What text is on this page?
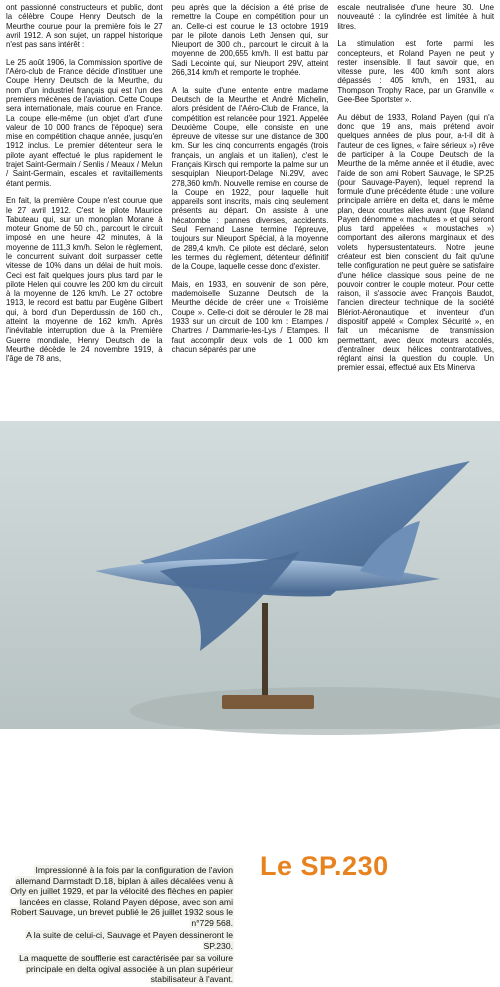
ont passionné constructeurs et public, dont la célèbre Coupe Henry Deutsch de la Meurthe courue pour la première fois le 27 avril 1912. A son sujet, un rappel historique n'est pas sans intérêt :

Le 25 août 1906, la Commission sportive de l'Aéro-club de France décide d'instituer une Coupe Henry Deutsch de la Meurthe, du nom d'un industriel français qui est l'un des premiers mécènes de l'aviation. Cette Coupe sera internationale, mais courue en France. La coupe elle-même (un objet d'art d'une valeur de 10 000 francs de l'époque) sera mise en compétition chaque année, jusqu'en 1912 inclus. Le premier détenteur sera le pilote ayant effectué le plus rapidement le trajet Saint-Germain / Senlis / Meaux / Melun / Saint-Germain, escales et ravitaillements étant permis.

En fait, la première Coupe n'est courue que le 27 avril 1912. C'est le pilote Maurice Tabuteau qui, sur un monoplan Morane à moteur Gnome de 50 ch., parcourt le circuit imposé en une heure 42 minutes, à la moyenne de 111,3 km/h. Selon le règlement, le concurrent suivant doit surpasser cette vitesse de 10% dans un délai de huit mois. Ceci est fait quelques jours plus tard par le pilote Helen qui couvre les 200 km du circuit à la moyenne de 126 km/h. Le 27 octobre 1913, le record est battu par Eugène Gilbert qui, à bord d'un Deperdussin de 160 ch., atteint la moyenne de 162 km/h. Après l'inévitable interruption due à la Première Guerre mondiale, Henry Deutsch de la Meurthe décède le 24 novembre 1919, à l'âge de 78 ans,

peu après que la décision a été prise de remettre la Coupe en compétition pour un an. Celle-ci est courue le 13 octobre 1919 par le pilote danois Leth Jensen qui, sur Nieuport de 300 ch., parcourt le circuit à la moyenne de 200,655 km/h. Il est battu par Sadi Lecointe qui, sur Nieuport 29V, atteint 266,314 km/h et remporte le trophée.

A la suite d'une entente entre madame Deutsch de la Meurthe et André Michelin, alors président de l'Aéro-Club de France, la compétition est relancée pour 1921. Appelée Deuxième Coupe, elle consiste en une épreuve de vitesse sur une distance de 300 km. Sur les cinq concurrents engagés (trois français, un anglais et un italien), c'est le Français Kirsch qui remporte la palme sur un sesquiplan Nieuport-Delage Ni.29V, avec 278,360 km/h. Nouvelle remise en course de la Coupe en 1922, pour laquelle huit appareils sont inscrits, mais cinq seulement présents au départ. On assiste à une hécatombe : pannes diverses, accidents. Seul Fernand Lasne termine l'épreuve, toujours sur Nieuport Spécial, à la moyenne de 289,4 km/h. Ce pilote est déclaré, selon les termes du règlement, détenteur définitif de la Coupe, laquelle cesse donc d'exister.

Mais, en 1933, en souvenir de son père, mademoiselle Suzanne Deutsch de la Meurthe décide de créer une « Troisième Coupe ». Celle-ci doit se dérouler le 28 mai 1933 sur un circuit de 100 km : Etampes / Chartres / Dammarie-les-Lys / Etampes. Il faut accomplir deux vols de 1 000 km chacun séparés par une

escale neutralisée d'une heure 30. Une nouveauté : la cylindrée est limitée à huit litres.

La stimulation est forte parmi les concepteurs, et Roland Payen ne peut y rester insensible. Il faut savoir que, en vitesse pure, les 400 km/h sont alors dépassés : 405 km/h, en 1931, au Thompson Trophy Race, par un Granville « Gee-Bee Sportster ».

Au début de 1933, Roland Payen (qui n'a donc que 19 ans, mais prétend avoir quelques années de plus pour, a-t-il dit à l'auteur de ces lignes, « faire sérieux ») rêve de participer à la Coupe Deutsch de la Meurthe de la même année et il étudie, avec l'aide de son ami Robert Sauvage, le SP.25 (pour Sauvage-Payen), lequel reprend la formule d'une précédente étude : une voilure principale arrière en delta et, dans le même plan, deux courtes ailes avant (que Roland Payen dénomme « machutes » et qui seront plus tard appelées « moustaches ») comportant des ailerons marginaux et des volets hypersustentateurs. Notre jeune créateur est bien conscient du fait qu'une telle configuration ne peut guère se satisfaire d'une hélice classique sous peine de ne pouvoir contrer le couple moteur. Pour cette raison, il s'associe avec François Baudot, l'ancien directeur technique de la société Blériot-Aéronautique et inventeur d'un dispositif appelé « Complex Sécurité », en fait un mécanisme de transmission permettant, avec deux moteurs accolés, d'entraîner deux hélices contrarotatives, réglant ainsi la question du couple. Un premier essai, effectué aux Ets Minerva

Le SP.230

Impressionné à la fois par la configuration de l'avion allemand Darmstadt D.18, biplan à ailes décalées venu à Orly en juillet 1929, et par la vélocité des flèches en papier lancées en classe, Roland Payen dépose, avec son ami Robert Sauvage, un brevet publié le 26 juillet 1932 sous le n°729 568.

A la suite de celui-ci, Sauvage et Payen dessineront le SP.230.

La maquette de soufflerie est caractérisée par sa voilure principale en delta ogival associée à un plan supérieur stabilisateur à l'avant.
